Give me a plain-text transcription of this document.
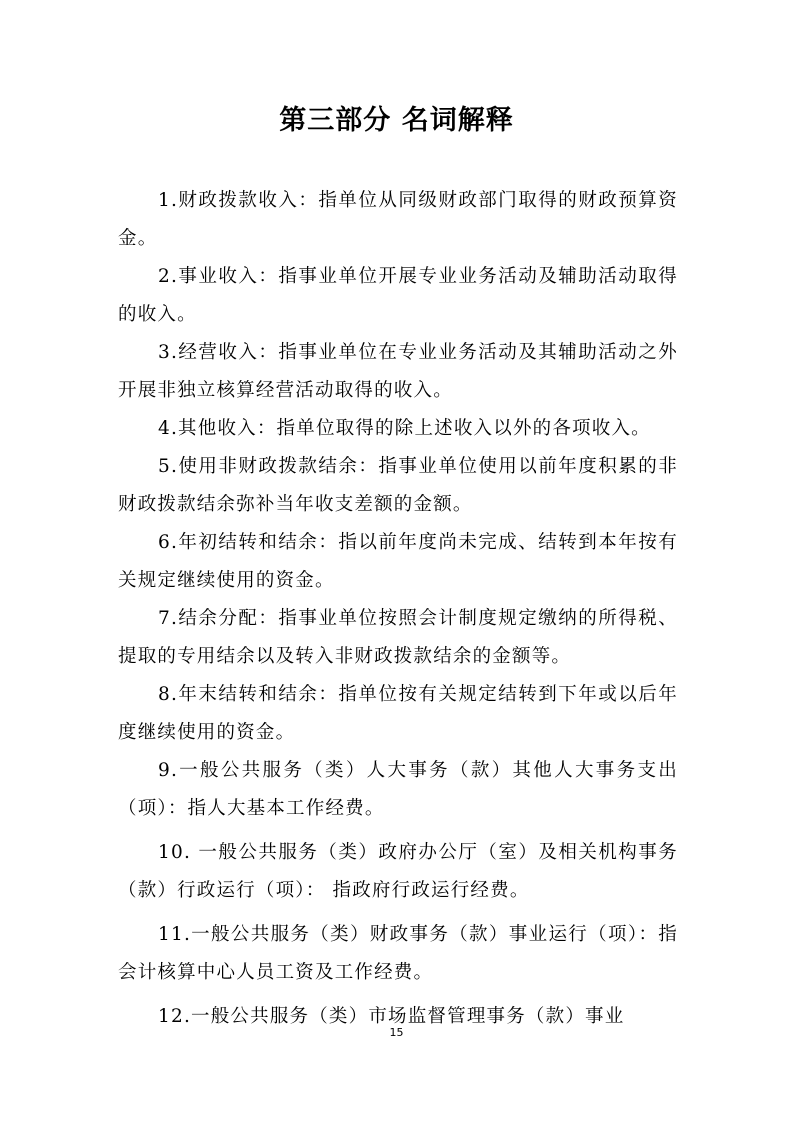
第三部分 名词解释

1.财政拨款收入：指单位从同级财政部门取得的财政预算资金。

2.事业收入：指事业单位开展专业业务活动及辅助活动取得的收入。

3.经营收入：指事业单位在专业业务活动及其辅助活动之外开展非独立核算经营活动取得的收入。

4.其他收入：指单位取得的除上述收入以外的各项收入。

5.使用非财政拨款结余：指事业单位使用以前年度积累的非财政拨款结余弥补当年收支差额的金额。

6.年初结转和结余：指以前年度尚未完成、结转到本年按有关规定继续使用的资金。

7.结余分配：指事业单位按照会计制度规定缴纳的所得税、提取的专用结余以及转入非财政拨款结余的金额等。

8.年末结转和结余：指单位按有关规定结转到下年或以后年度继续使用的资金。

9.一般公共服务（类）人大事务（款）其他人大事务支出（项）：指人大基本工作经费。

10. 一般公共服务（类）政府办公厅（室）及相关机构事务（款）行政运行（项）： 指政府行政运行经费。

11.一般公共服务（类）财政事务（款）事业运行（项）：指会计核算中心人员工资及工作经费。

12.一般公共服务（类）市场监督管理事务（款）事业

15
